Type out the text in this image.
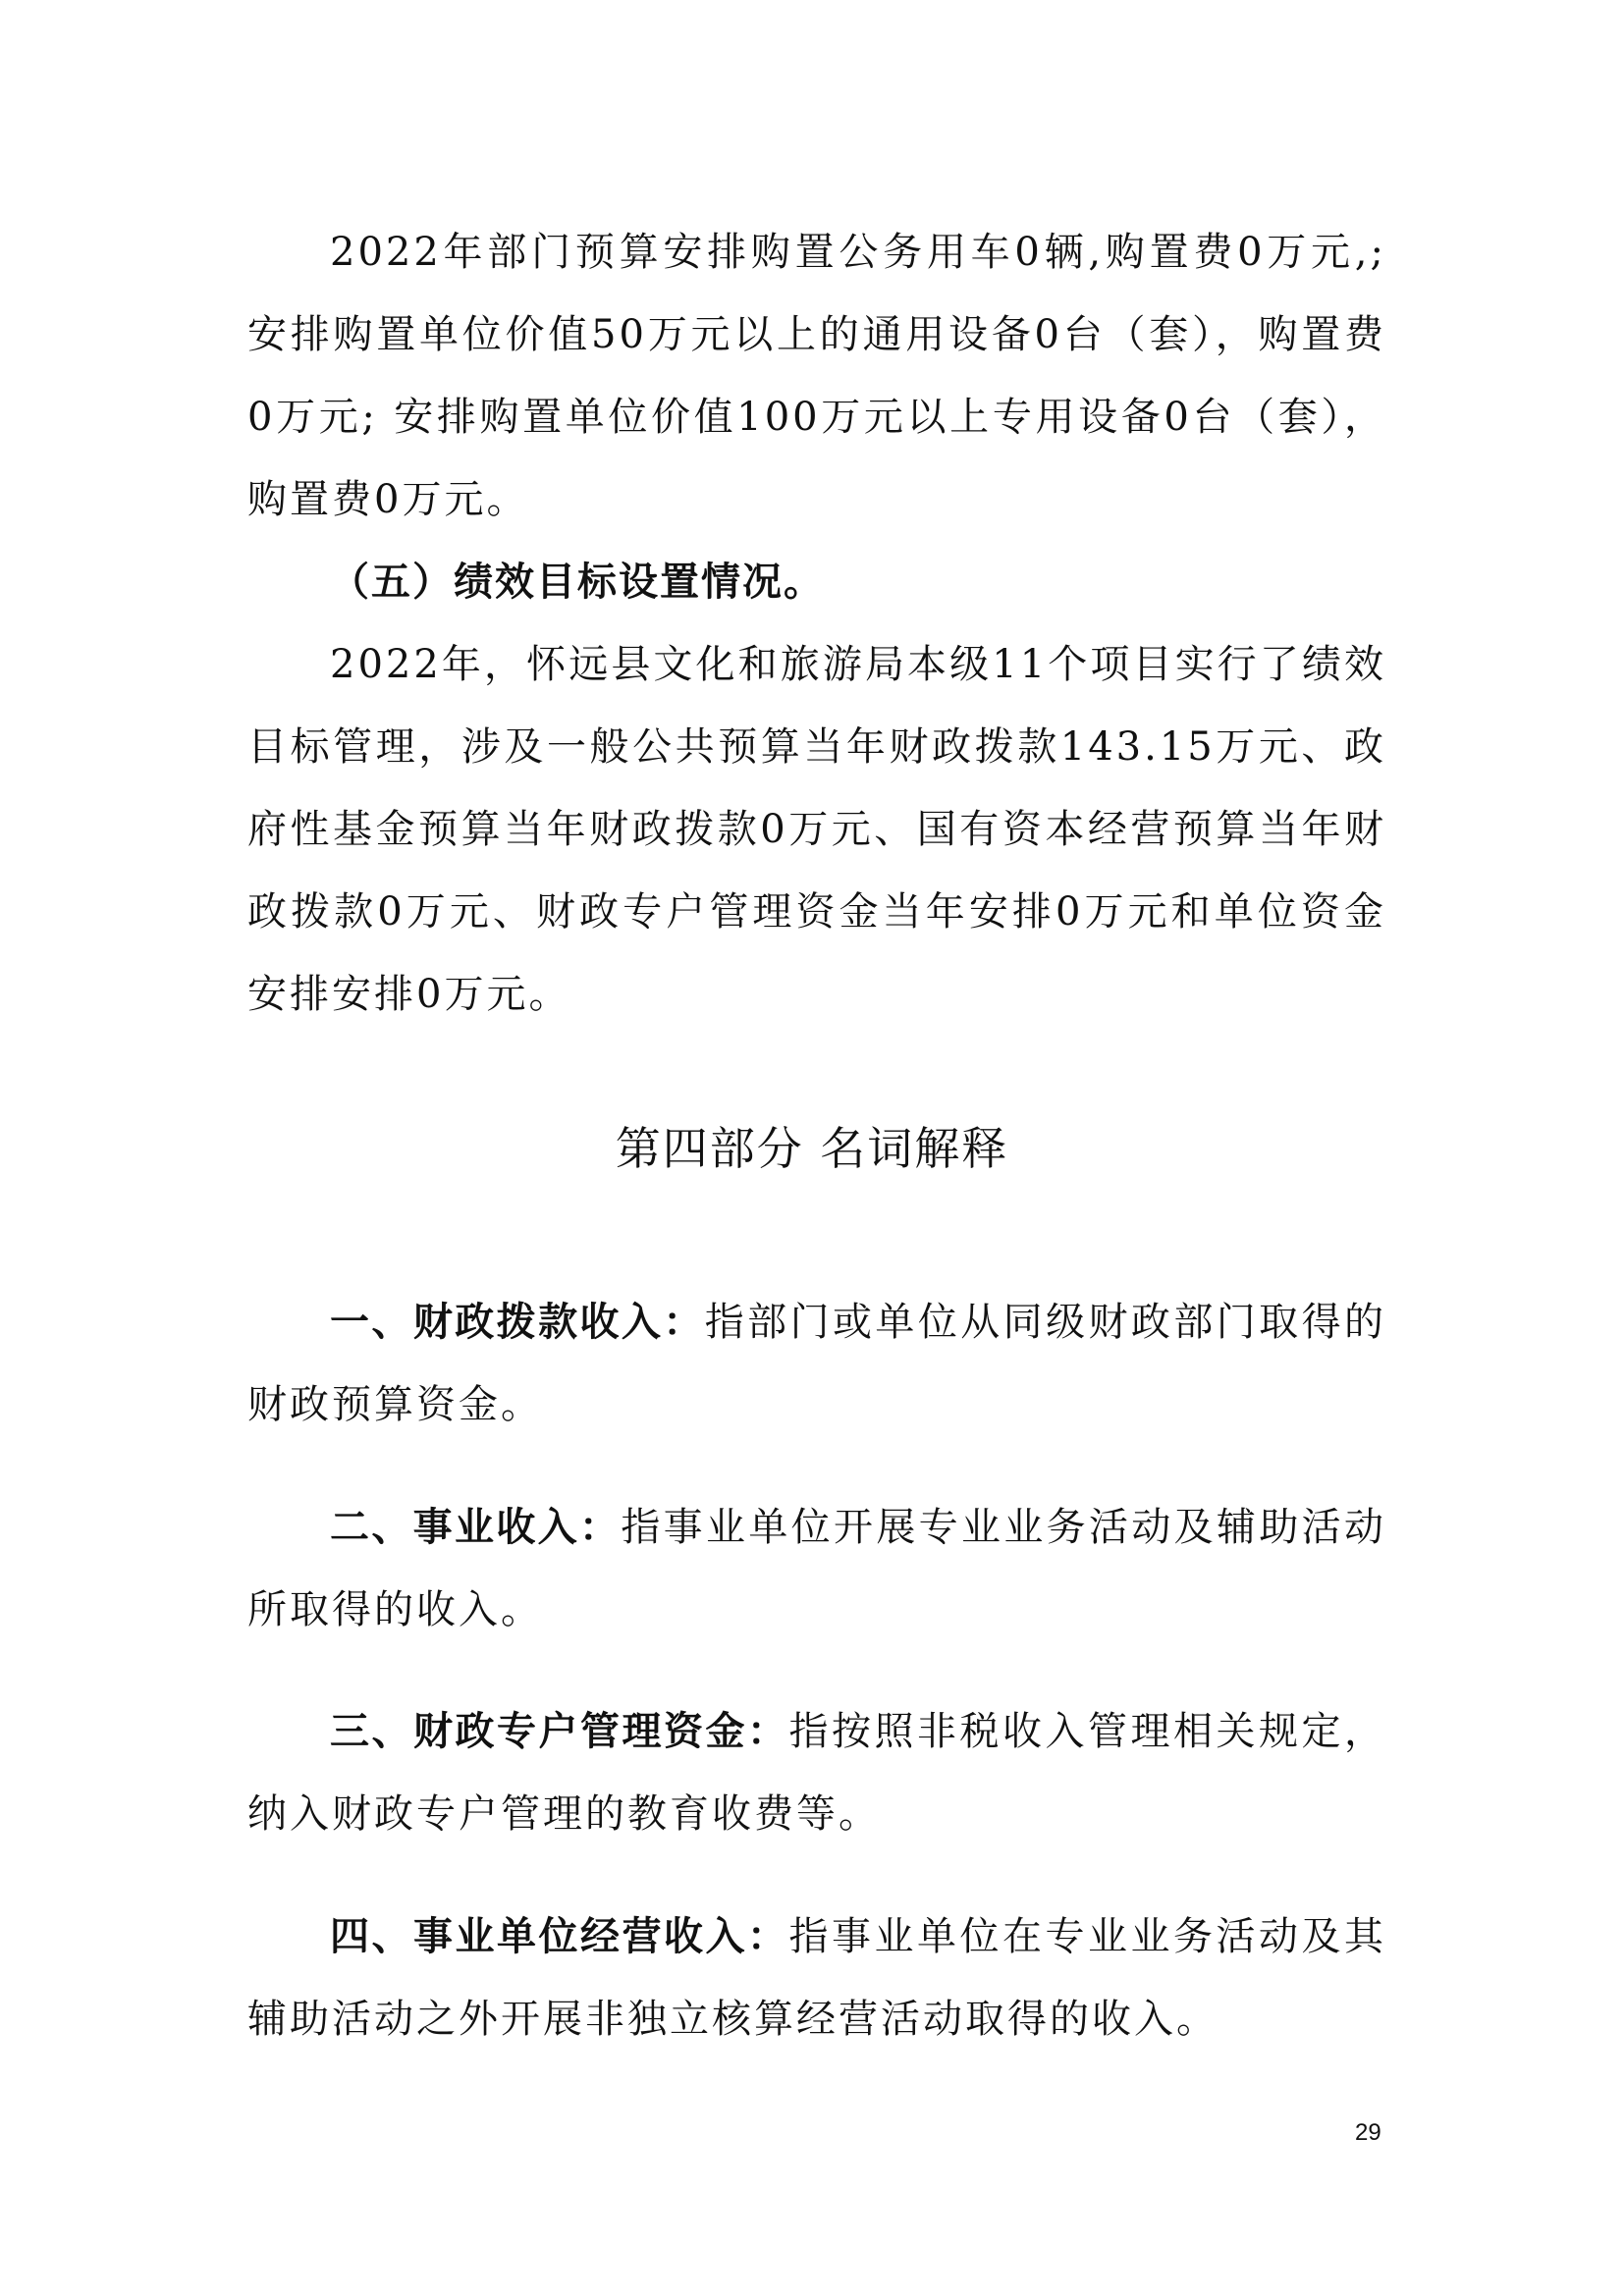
2022年部门预算安排购置公务用车0辆,购置费0万元,;安排购置单位价值50万元以上的通用设备0台（套），购置费0万元; 安排购置单位价值100万元以上专用设备0台（套），购置费0万元。

（五）绩效目标设置情况。

2022年，怀远县文化和旅游局本级11个项目实行了绩效目标管理，涉及一般公共预算当年财政拨款143.15万元、政府性基金预算当年财政拨款0万元、国有资本经营预算当年财政拨款0万元、财政专户管理资金当年安排0万元和单位资金安排安排0万元。

第四部分 名词解释

一、财政拨款收入：指部门或单位从同级财政部门取得的财政预算资金。

二、事业收入：指事业单位开展专业业务活动及辅助活动所取得的收入。

三、财政专户管理资金：指按照非税收入管理相关规定，纳入财政专户管理的教育收费等。

四、事业单位经营收入：指事业单位在专业业务活动及其辅助活动之外开展非独立核算经营活动取得的收入。

29
